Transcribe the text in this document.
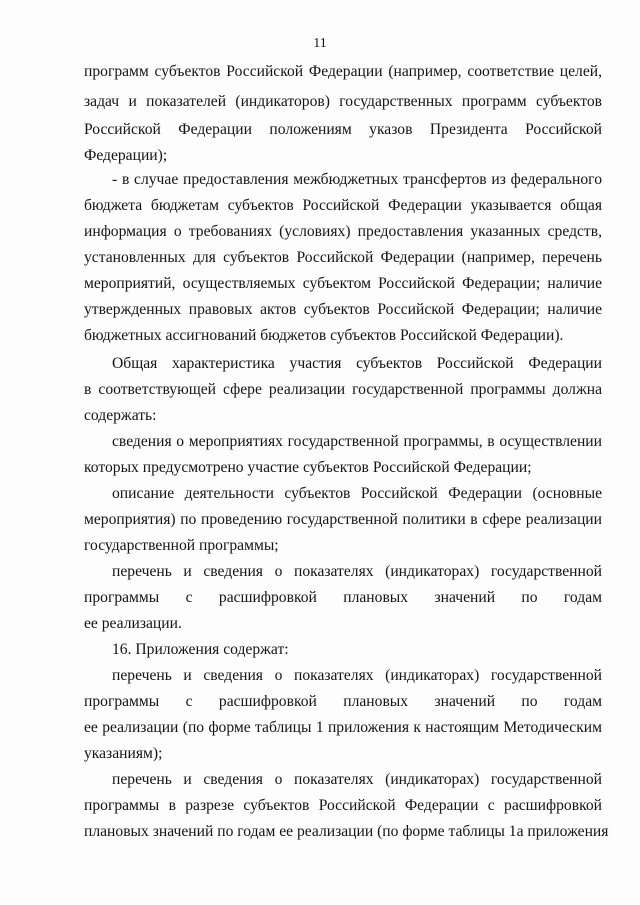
11
программ субъектов Российской Федерации (например, соответствие целей,
задач и показателей (индикаторов) государственных программ субъектов
Российской Федерации положениям указов Президента Российской
Федерации);
- в случае предоставления межбюджетных трансфертов из федерального
бюджета бюджетам субъектов Российской Федерации указывается общая
информация о требованиях (условиях) предоставления указанных средств,
установленных для субъектов Российской Федерации (например, перечень
мероприятий, осуществляемых субъектом Российской Федерации; наличие
утвержденных правовых актов субъектов Российской Федерации; наличие
бюджетных ассигнований бюджетов субъектов Российской Федерации).
Общая характеристика участия субъектов Российской Федерации
в соответствующей сфере реализации государственной программы должна
содержать:
сведения о мероприятиях государственной программы, в осуществлении
которых предусмотрено участие субъектов Российской Федерации;
описание деятельности субъектов Российской Федерации (основные
мероприятия) по проведению государственной политики в сфере реализации
государственной программы;
перечень и сведения о показателях (индикаторах) государственной
программы с расшифровкой плановых значений по годам
ее реализации.
16. Приложения содержат:
перечень и сведения о показателях (индикаторах) государственной
программы с расшифровкой плановых значений по годам
ее реализации (по форме таблицы 1 приложения к настоящим Методическим
указаниям);
перечень и сведения о показателях (индикаторах) государственной
программы в разрезе субъектов Российской Федерации с расшифровкой
плановых значений по годам ее реализации (по форме таблицы 1а приложения
